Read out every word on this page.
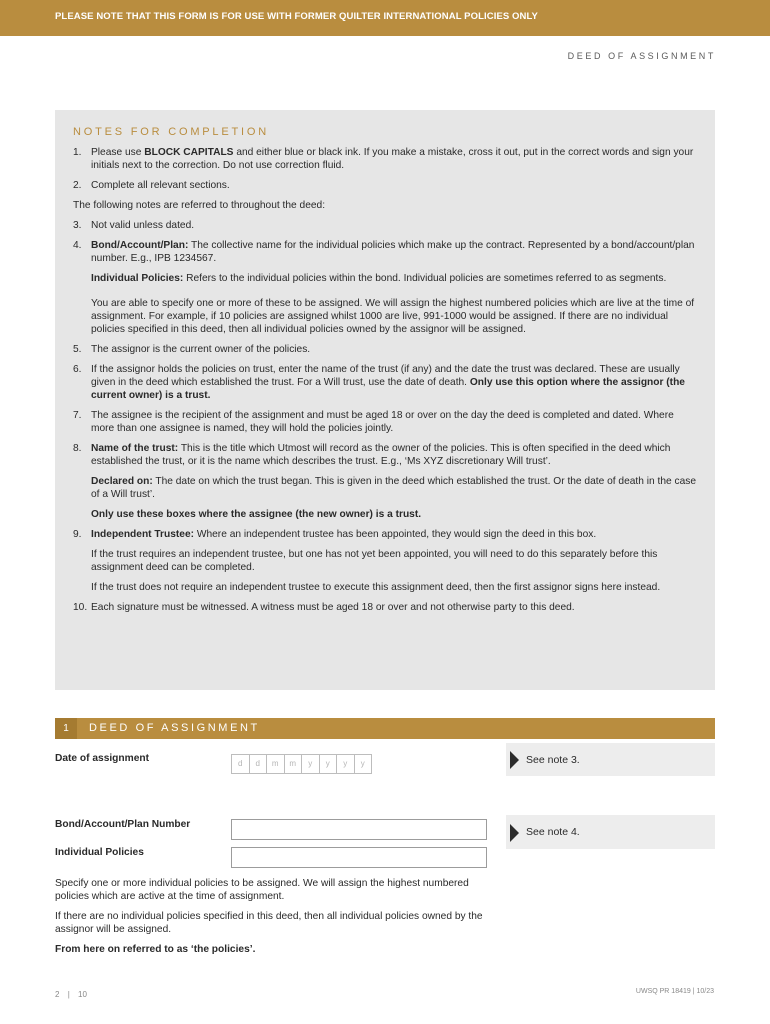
PLEASE NOTE THAT THIS FORM IS FOR USE WITH FORMER QUILTER INTERNATIONAL POLICIES ONLY
DEED OF ASSIGNMENT
NOTES FOR COMPLETION
1. Please use BLOCK CAPITALS and either blue or black ink. If you make a mistake, cross it out, put in the correct words and sign your initials next to the correction. Do not use correction fluid.
2. Complete all relevant sections.
The following notes are referred to throughout the deed:
3. Not valid unless dated.
4. Bond/Account/Plan: The collective name for the individual policies which make up the contract. Represented by a bond/account/plan number. E.g., IPB 1234567.
Individual Policies: Refers to the individual policies within the bond. Individual policies are sometimes referred to as segments.
You are able to specify one or more of these to be assigned. We will assign the highest numbered policies which are live at the time of assignment. For example, if 10 policies are assigned whilst 1000 are live, 991-1000 would be assigned. If there are no individual policies specified in this deed, then all individual policies owned by the assignor will be assigned.
5. The assignor is the current owner of the policies.
6. If the assignor holds the policies on trust, enter the name of the trust (if any) and the date the trust was declared. These are usually given in the deed which established the trust. For a Will trust, use the date of death. Only use this option where the assignor (the current owner) is a trust.
7. The assignee is the recipient of the assignment and must be aged 18 or over on the day the deed is completed and dated. Where more than one assignee is named, they will hold the policies jointly.
8. Name of the trust: This is the title which Utmost will record as the owner of the policies. This is often specified in the deed which established the trust, or it is the name which describes the trust. E.g., ‘Ms XYZ discretionary Will trust’.
Declared on: The date on which the trust began. This is given in the deed which established the trust. Or the date of death in the case of a Will trust’.
Only use these boxes where the assignee (the new owner) is a trust.
9. Independent Trustee: Where an independent trustee has been appointed, they would sign the deed in this box.
If the trust requires an independent trustee, but one has not yet been appointed, you will need to do this separately before this assignment deed can be completed.
If the trust does not require an independent trustee to execute this assignment deed, then the first assignor signs here instead.
10. Each signature must be witnessed. A witness must be aged 18 or over and not otherwise party to this deed.
1	DEED OF ASSIGNMENT
Date of assignment	d	d	m	m	y	y	y	y	See note 3.
Bond/Account/Plan Number
Individual Policies
See note 4.
Specify one or more individual policies to be assigned. We will assign the highest numbered policies which are active at the time of assignment.
If there are no individual policies specified in this deed, then all individual policies owned by the assignor will be assigned.
From here on referred to as ‘the policies’.
2 | 10	UWSQ PR 18419 | 10/23
